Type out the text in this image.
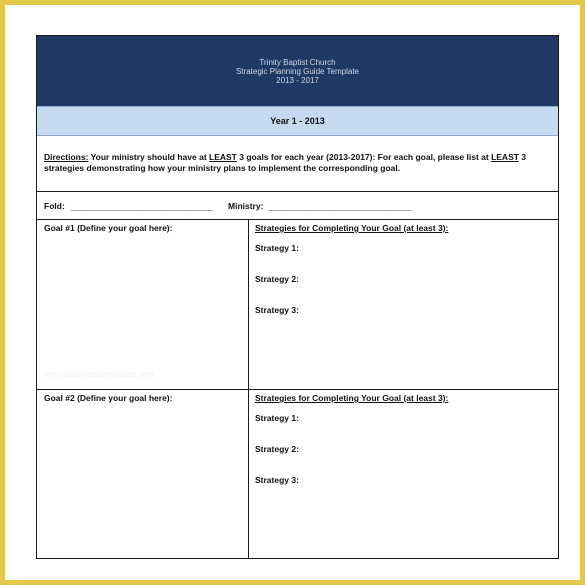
Trinity Baptist Church
Strategic Planning Guide Template
2013 - 2017
Year 1 - 2013
Directions: Your ministry should have at LEAST 3 goals for each year (2013-2017): For each goal, please list at LEAST 3 strategies demonstrating how your ministry plans to implement the corresponding goal.
Fold: ______________________________ Ministry: ______________________________
Goal #1 (Define your goal here):	Strategies for Completing Your Goal (at least 3):
Strategy 1:
Strategy 2:
Strategy 3:
Goal #2 (Define your goal here):	Strategies for Completing Your Goal (at least 3):
Strategy 1:
Strategy 2:
Strategy 3:
www.allbusinesstemplates.com
